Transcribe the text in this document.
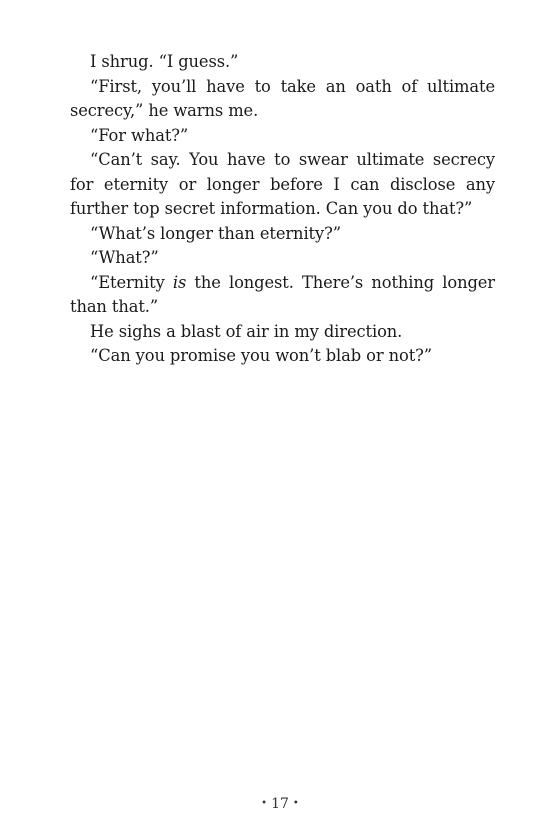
I shrug. “I guess.”

“First, you’ll have to take an oath of ultimate secrecy,” he warns me.

“For what?”

“Can’t say. You have to swear ultimate secrecy for eternity or longer before I can disclose any further top secret information. Can you do that?”

“What’s longer than eternity?”

“What?”

“Eternity is the longest. There’s nothing longer than that.”

He sighs a blast of air in my direction.

“Can you promise you won’t blab or not?”

• 17 •
